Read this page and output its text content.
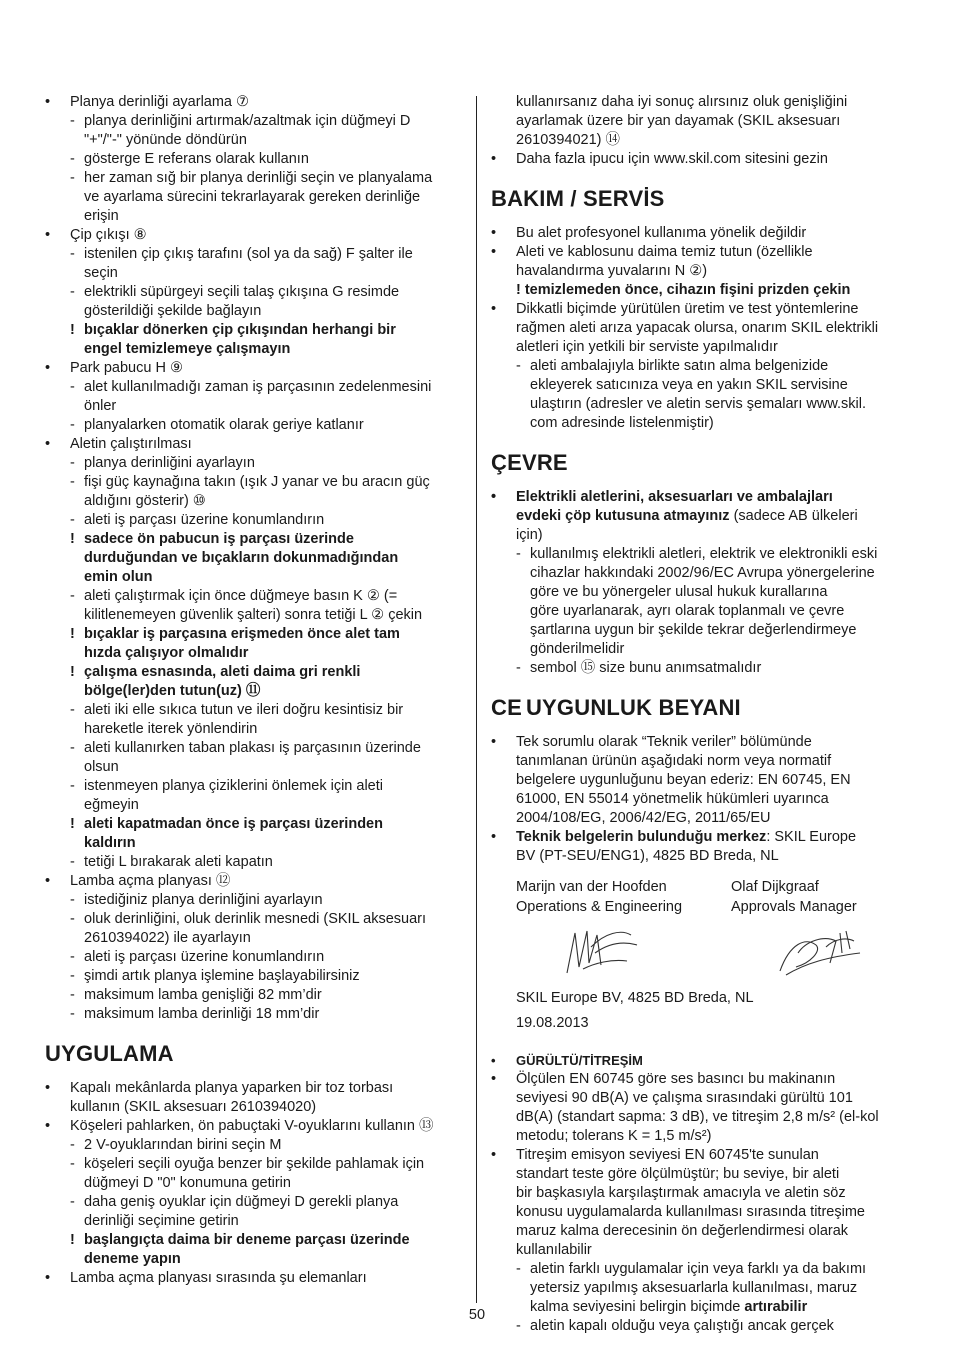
• Planya derinliği ayarlama ⑦
- planya derinliğini artırmak/azaltmak için düğmeyi D
"+"/"-" yönünde döndürün
- gösterge E referans olarak kullanın
- her zaman sığ bir planya derinliği seçin ve planyalama
ve ayarlama sürecini tekrarlayarak gereken derinliğe
erişin
• Çip çıkışı ⑧
- istenilen çip çıkış tarafını (sol ya da sağ) F şalter ile
seçin
- elektrikli süpürgeyi seçili talaş çıkışına G resimde
gösterildiği şekilde bağlayın
! bıçaklar dönerken çip çıkışından herhangi bir
engel temizlemeye çalışmayın
• Park pabucu H ⑨
- alet kullanılmadığı zaman iş parçasının zedelenmesini
önler
- planyalarken otomatik olarak geriye katlanır
• Aletin çalıştırılması
- planya derinliğini ayarlayın
- fişi güç kaynağına takın (ışık J yanar ve bu aracın güç
aldığını gösterir) ⑩
- aleti iş parçası üzerine konumlandırın
! sadece ön pabucun iş parçası üzerinde
durduğundan ve bıçakların dokunmadığından
emin olun
- aleti çalıştırmak için önce düğmeye basın K ② (=
kilitlenemeyen güvenlik şalteri) sonra tetiği L ② çekin
! bıçaklar iş parçasına erişmeden önce alet tam
hızda çalışıyor olmalıdır
! çalışma esnasında, aleti daima gri renkli
bölge(ler)den tutun(uz) ⑪
- aleti iki elle sıkıca tutun ve ileri doğru kesintisiz bir
hareketle iterek yönlendirin
- aleti kullanırken taban plakası iş parçasının üzerinde
olsun
- istenmeyen planya çiziklerini önlemek için aleti
eğmeyin
! aleti kapatmadan önce iş parçası üzerinden
kaldırın
- tetiği L bırakarak aleti kapatın
• Lamba açma planyası ⑫
- istediğiniz planya derinliğini ayarlayın
- oluk derinliğini, oluk derinlik mesnedi (SKIL aksesuarı
2610394022) ile ayarlayın
- aleti iş parçası üzerine konumlandırın
- şimdi artık planya işlemine başlayabilirsiniz
- maksimum lamba genişliği 82 mm’dir
- maksimum lamba derinliği 18 mm’dir
UYGULAMA
• Kapalı mekânlarda planya yaparken bir toz torbası
kullanın (SKIL aksesuarı 2610394020)
• Köşeleri pahlarken, ön pabuçtaki V-oyuklarını kullanın ⑬
- 2 V-oyuklarından birini seçin M
- köşeleri seçili oyuğa benzer bir şekilde pahlamak için
düğmeyi D "0" konumuna getirin
- daha geniş oyuklar için düğmeyi D gerekli planya
derinliği seçimine getirin
! başlangıçta daima bir deneme parçası üzerinde
deneme yapın
• Lamba açma planyası sırasında şu elemanları
kullanırsanız daha iyi sonuç alırsınız oluk genişliğini
ayarlamak üzere bir yan dayamak (SKIL aksesuarı
2610394021) ⑭
• Daha fazla ipucu için www.skil.com sitesini gezin
BAKIM / SERVİS
• Bu alet profesyonel kullanıma yönelik değildir
• Aleti ve kablosunu daima temiz tutun (özellikle
havalandırma yuvalarını N ②)
! temizlemeden önce, cihazın fişini prizden çekin
• Dikkatli biçimde yürütülen üretim ve test yöntemlerine
rağmen aleti arıza yapacak olursa, onarım SKIL elektrikli
aletleri için yetkili bir serviste yapılmalıdır
- aleti ambalajıyla birlikte satın alma belgenizide
ekleyerek satıcınıza veya en yakın SKIL servisine
ulaştırın (adresler ve aletin servis şemaları www.skil.
com adresinde listelenmiştir)
ÇEVRE
• Elektrikli aletlerini, aksesuarları ve ambalajları
evdeki çöp kutusuna atmayınız (sadece AB ülkeleri
için)
- kullanılmış elektrikli aletleri, elektrik ve elektronikli eski
cihazlar hakkındaki 2002/96/EC Avrupa yönergelerine
göre ve bu yönergeler ulusal hukuk kurallarına
göre uyarlanarak, ayrı olarak toplanmalı ve çevre
şartlarına uygun bir şekilde tekrar değerlendirmeye
gönderilmelidir
- sembol ⑮ size bunu anımsatmalıdır
CE UYGUNLUK BEYANI
• Tek sorumlu olarak “Teknik veriler” bölümünde
tanımlanan ürünün aşağıdaki norm veya normatif
belgelere uygunluğunu beyan ederiz: EN 60745, EN
61000, EN 55014 yönetmelik hükümleri uyarınca
2004/108/EG, 2006/42/EG, 2011/65/EU
• Teknik belgelerin bulunduğu merkez: SKIL Europe
BV (PT-SEU/ENG1), 4825 BD Breda, NL
Marijn van der Hoofden	Olaf Dijkgraaf
Operations & Engineering	Approvals Manager
SKIL Europe BV, 4825 BD Breda, NL
19.08.2013
• GÜRÜLTÜ/TİTREŞİM
• Ölçülen EN 60745 göre ses basıncı bu makinanın
seviyesi 90 dB(A) ve çalışma sırasındaki gürültü 101
dB(A) (standart sapma: 3 dB), ve titreşim 2,8 m/s² (el-kol
metodu; tolerans K = 1,5 m/s²)
• Titreşim emisyon seviyesi EN 60745'te sunulan
standart teste göre ölçülmüştür; bu seviye, bir aleti
bir başkasıyla karşılaştırmak amacıyla ve aletin söz
konusu uygulamalarda kullanılması sırasında titreşime
maruz kalma derecesinin ön değerlendirmesi olarak
kullanılabilir
- aletin farklı uygulamalar için veya farklı ya da bakımı
yetersiz yapılmış aksesuarlarla kullanılması, maruz
kalma seviyesini belirgin biçimde artırabilir
- aletin kapalı olduğu veya çalıştığı ancak gerçek
50
